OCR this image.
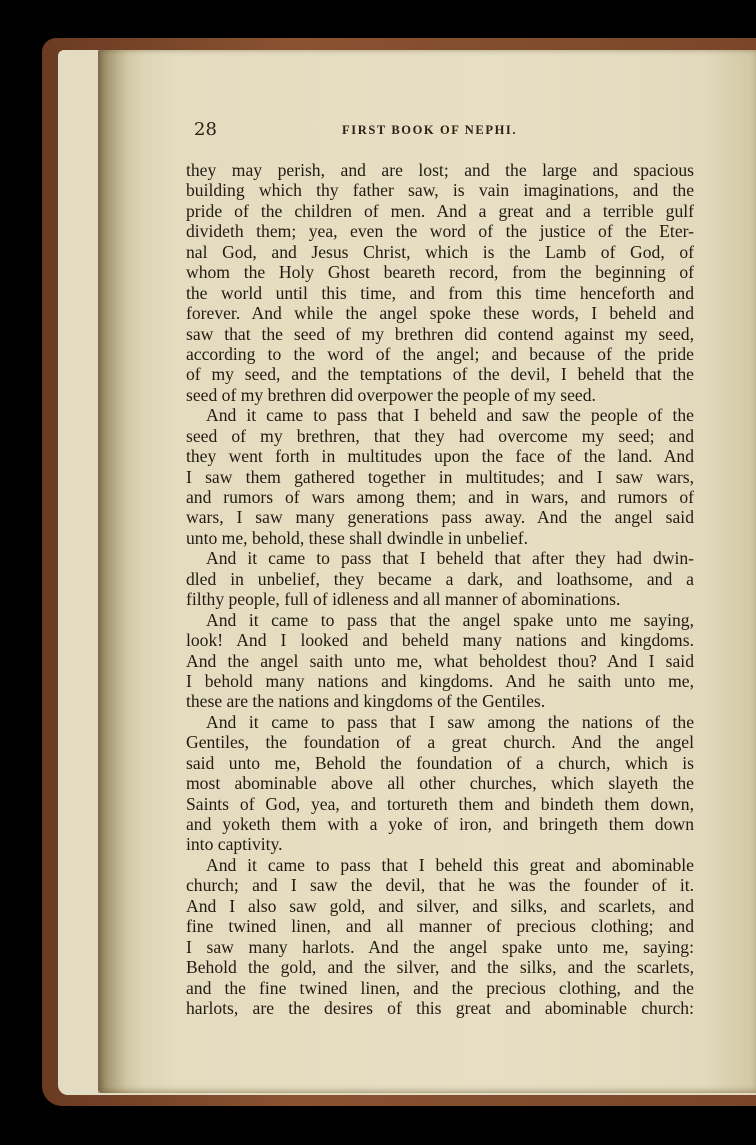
28	FIRST BOOK OF NEPHI.
they may perish, and are lost; and the large and spacious
building which thy father saw, is vain imaginations, and the
pride of the children of men. And a great and a terrible gulf
divideth them; yea, even the word of the justice of the Eter-
nal God, and Jesus Christ, which is the Lamb of God, of
whom the Holy Ghost beareth record, from the beginning of
the world until this time, and from this time henceforth and
forever. And while the angel spoke these words, I beheld and
saw that the seed of my brethren did contend against my seed,
according to the word of the angel; and because of the pride
of my seed, and the temptations of the devil, I beheld that the
seed of my brethren did overpower the people of my seed.
And it came to pass that I beheld and saw the people of the
seed of my brethren, that they had overcome my seed; and
they went forth in multitudes upon the face of the land. And
I saw them gathered together in multitudes; and I saw wars,
and rumors of wars among them; and in wars, and rumors of
wars, I saw many generations pass away. And the angel said
unto me, behold, these shall dwindle in unbelief.
And it came to pass that I beheld that after they had dwin-
dled in unbelief, they became a dark, and loathsome, and a
filthy people, full of idleness and all manner of abominations.
And it came to pass that the angel spake unto me saying,
look! And I looked and beheld many nations and kingdoms.
And the angel saith unto me, what beholdest thou? And I said
I behold many nations and kingdoms. And he saith unto me,
these are the nations and kingdoms of the Gentiles.
And it came to pass that I saw among the nations of the
Gentiles, the foundation of a great church. And the angel
said unto me, Behold the foundation of a church, which is
most abominable above all other churches, which slayeth the
Saints of God, yea, and tortureth them and bindeth them down,
and yoketh them with a yoke of iron, and bringeth them down
into captivity.
And it came to pass that I beheld this great and abominable
church; and I saw the devil, that he was the founder of it.
And I also saw gold, and silver, and silks, and scarlets, and
fine twined linen, and all manner of precious clothing; and
I saw many harlots. And the angel spake unto me, saying:
Behold the gold, and the silver, and the silks, and the scarlets,
and the fine twined linen, and the precious clothing, and the
harlots, are the desires of this great and abominable church:
